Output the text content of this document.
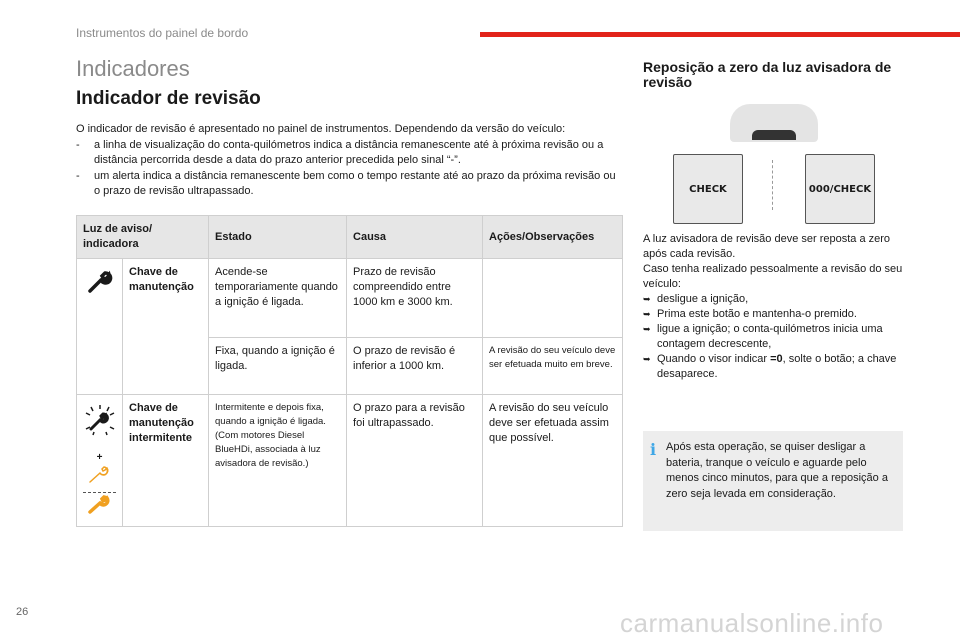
Instrumentos do painel de bordo
Indicadores
Indicador de revisão
O indicador de revisão é apresentado no painel de instrumentos. Dependendo da versão do veículo:
- a linha de visualização do conta-quilómetros indica a distância remanescente até à próxima revisão ou a distância percorrida desde a data do prazo anterior precedida pelo sinal “-”.
- um alerta indica a distância remanescente bem como o tempo restante até ao prazo da próxima revisão ou o prazo de revisão ultrapassado.
Luz de aviso/ indicadora		Estado	Causa	Ações/Observações
	Chave de manutenção	Acende-se temporariamente quando a ignição é ligada.	Prazo de revisão compreendido entre 1000 km e 3000 km.	
		Fixa, quando a ignição é ligada.	O prazo de revisão é inferior a 1000 km.	A revisão do seu veículo deve ser efetuada muito em breve.

+	Chave de manutenção intermitente	Intermitente e depois fixa, quando a ignição é ligada.
(Com motores Diesel BlueHDi, associada à luz avisadora de revisão.)	O prazo para a revisão foi ultrapassado.	A revisão do seu veículo deve ser efetuada assim que possível.
Reposição a zero da luz avisadora de revisão
CHECK	000/CHECK
A luz avisadora de revisão deve ser reposta a zero após cada revisão.
Caso tenha realizado pessoalmente a revisão do seu veículo:
➥ desligue a ignição,
➥ Prima este botão e mantenha-o premido.
➥ ligue a ignição; o conta-quilómetros inicia uma contagem decrescente,
➥ Quando o visor indicar =0, solte o botão; a chave desaparece.
i Após esta operação, se quiser desligar a bateria, tranque o veículo e aguarde pelo menos cinco minutos, para que a reposição a zero seja levada em consideração.
26	carmanualsonline.info
